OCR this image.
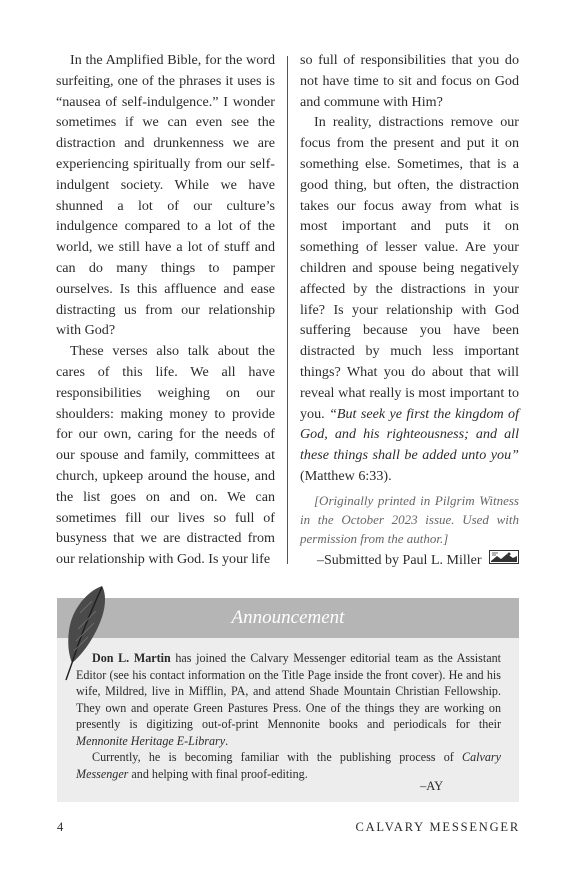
In the Amplified Bible, for the word surfeiting, one of the phrases it uses is “nausea of self-indulgence.” I wonder sometimes if we can even see the distraction and drunkenness we are experiencing spiritually from our self-indulgent society. While we have shunned a lot of our culture’s indulgence compared to a lot of the world, we still have a lot of stuff and can do many things to pamper ourselves. Is this affluence and ease distracting us from our relationship with God?

These verses also talk about the cares of this life. We all have responsibilities weighing on our shoulders: making money to provide for our own, caring for the needs of our spouse and family, committees at church, upkeep around the house, and the list goes on and on. We can sometimes fill our lives so full of busyness that we are distracted from our relationship with God. Is your life

so full of responsibilities that you do not have time to sit and focus on God and commune with Him?

In reality, distractions remove our focus from the present and put it on something else. Sometimes, that is a good thing, but often, the distraction takes our focus away from what is most important and puts it on something of lesser value. Are your children and spouse being negatively affected by the distractions in your life? Is your relationship with God suffering because you have been distracted by much less important things? What you do about that will reveal what really is most important to you. “But seek ye first the kingdom of God, and his righteousness; and all these things shall be added unto you” (Matthew 6:33).

[Originally printed in Pilgrim Witness in the October 2023 issue. Used with permission from the author.]

–Submitted by Paul L. Miller
Announcement

Don L. Martin has joined the Calvary Messenger editorial team as the Assistant Editor (see his contact information on the Title Page inside the front cover). He and his wife, Mildred, live in Mifflin, PA, and attend Shade Mountain Christian Fellowship. They own and operate Green Pastures Press. One of the things they are working on presently is digitizing out-of-print Mennonite books and periodicals for their Mennonite Heritage E-Library.

Currently, he is becoming familiar with the publishing process of Calvary Messenger and helping with final proof-editing.

–AY
4	CALVARY MESSENGER
